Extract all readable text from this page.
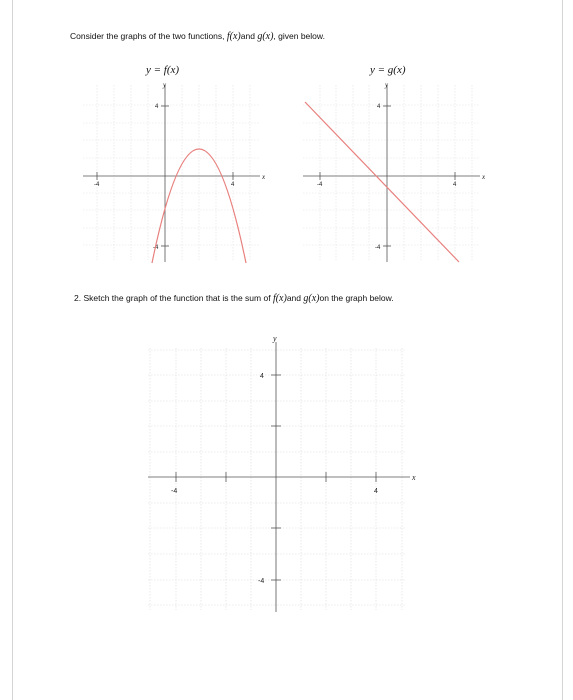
Consider the graphs of the two functions, f(x)and g(x), given below.
y = f(x)	y = g(x)
-4	4
4
-4
y
x
-4	4
4
-4
y
x
2. Sketch the graph of the function that is the sum of f(x)and g(x)on the graph below.
-4	4
4
-4
y
x
